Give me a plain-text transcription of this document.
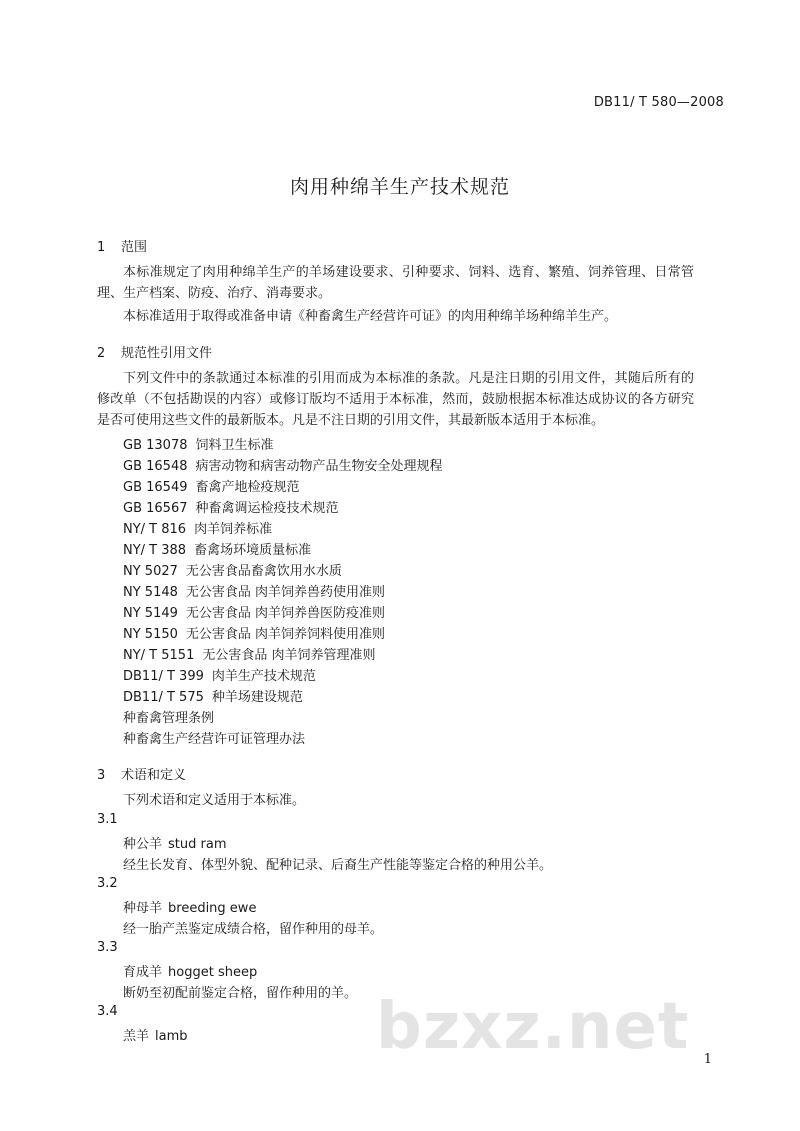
DB11/ T 580—2008
肉用种绵羊生产技术规范
1 范围
本标准规定了肉用种绵羊生产的羊场建设要求、引种要求、饲料、选育、繁殖、饲养管理、日常管理、生产档案、防疫、治疗、消毒要求。
本标准适用于取得或准备申请《种畜禽生产经营许可证》的肉用种绵羊场种绵羊生产。
2 规范性引用文件
下列文件中的条款通过本标准的引用而成为本标准的条款。凡是注日期的引用文件，其随后所有的修改单（不包括勘误的内容）或修订版均不适用于本标准，然而，鼓励根据本标准达成协议的各方研究是否可使用这些文件的最新版本。凡是不注日期的引用文件，其最新版本适用于本标准。
GB 13078 饲料卫生标准
GB 16548 病害动物和病害动物产品生物安全处理规程
GB 16549 畜禽产地检疫规范
GB 16567 种畜禽调运检疫技术规范
NY/ T 816 肉羊饲养标准
NY/ T 388 畜禽场环境质量标准
NY 5027 无公害食品畜禽饮用水水质
NY 5148 无公害食品 肉羊饲养兽药使用准则
NY 5149 无公害食品 肉羊饲养兽医防疫准则
NY 5150 无公害食品 肉羊饲养饲料使用准则
NY/ T 5151 无公害食品 肉羊饲养管理准则
DB11/ T 399 肉羊生产技术规范
DB11/ T 575 种羊场建设规范
种畜禽管理条例
种畜禽生产经营许可证管理办法
3 术语和定义
下列术语和定义适用于本标准。
3.1
种公羊 stud ram
经生长发育、体型外貌、配种记录、后裔生产性能等鉴定合格的种用公羊。
3.2
种母羊 breeding ewe
经一胎产羔鉴定成绩合格，留作种用的母羊。
3.3
育成羊 hogget sheep
断奶至初配前鉴定合格，留作种用的羊。 bzxz.net
3.4
羔羊 lamb
1
